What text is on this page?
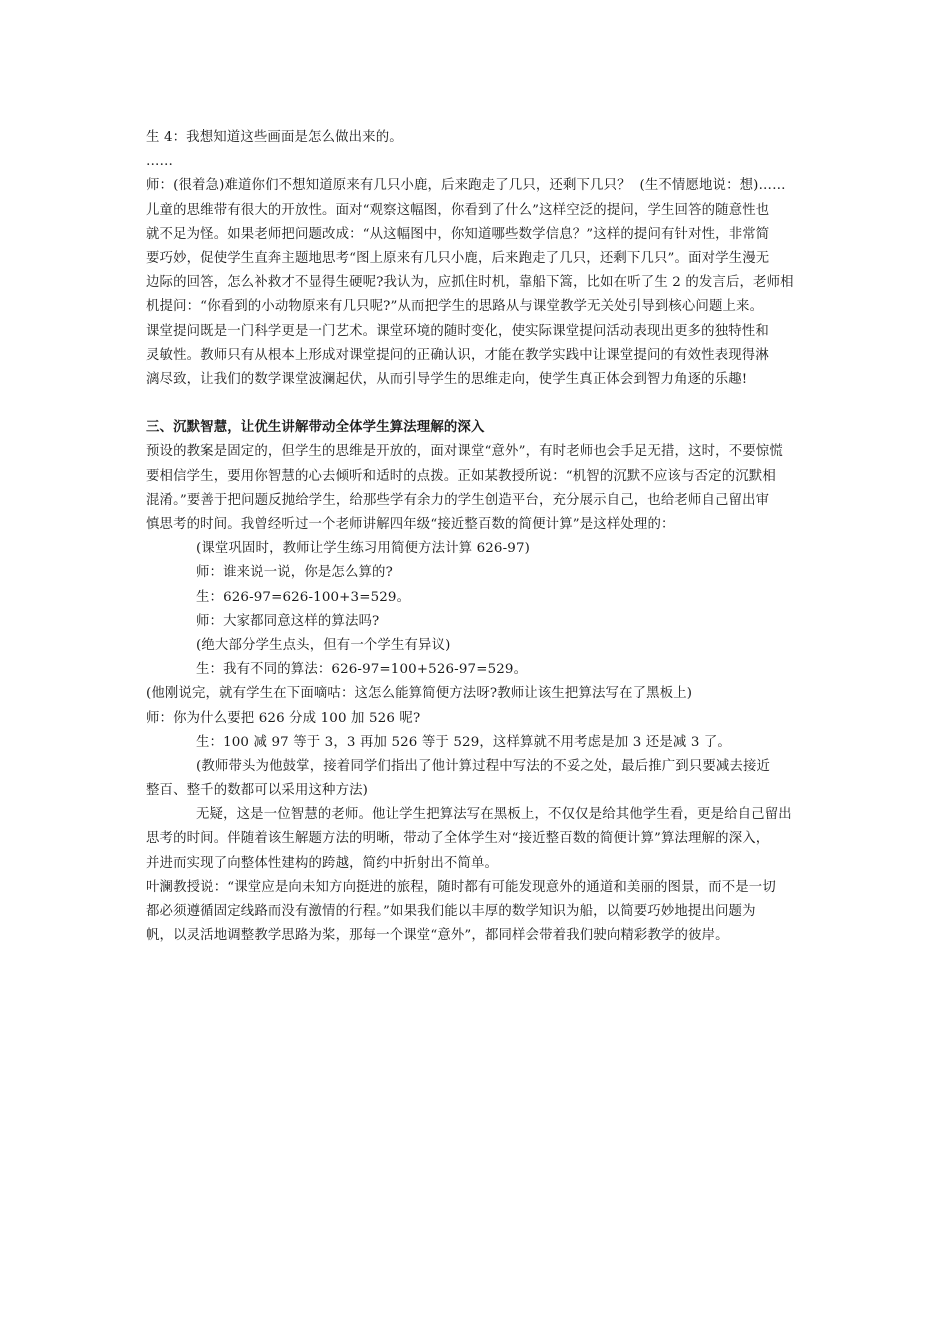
生 4：我想知道这些画面是怎么做出来的。
……
师：(很着急)难道你们不想知道原来有几只小鹿，后来跑走了几只，还剩下几只？  (生不情愿地说：想)……
儿童的思维带有很大的开放性。面对“观察这幅图，你看到了什么”这样空泛的提问，学生回答的随意性也
就不足为怪。如果老师把问题改成：“从这幅图中，你知道哪些数学信息？”这样的提问有针对性，非常简
要巧妙，促使学生直奔主题地思考“图上原来有几只小鹿，后来跑走了几只，还剩下几只”。面对学生漫无
边际的回答，怎么补救才不显得生硬呢?我认为，应抓住时机，靠船下篙，比如在听了生 2 的发言后，老师相
机提问：“你看到的小动物原来有几只呢?”从而把学生的思路从与课堂教学无关处引导到核心问题上来。
课堂提问既是一门科学更是一门艺术。课堂环境的随时变化，使实际课堂提问活动表现出更多的独特性和
灵敏性。教师只有从根本上形成对课堂提问的正确认识，才能在教学实践中让课堂提问的有效性表现得淋
漓尽致，让我们的数学课堂波澜起伏，从而引导学生的思维走向，使学生真正体会到智力角逐的乐趣!
三、沉默智慧，让优生讲解带动全体学生算法理解的深入
预设的教案是固定的，但学生的思维是开放的，面对课堂“意外”，有时老师也会手足无措，这时，不要惊慌
要相信学生，要用你智慧的心去倾听和适时的点拨。正如某教授所说：“机智的沉默不应该与否定的沉默相
混淆。”要善于把问题反抛给学生，给那些学有余力的学生创造平台，充分展示自己，也给老师自己留出审
慎思考的时间。我曾经听过一个老师讲解四年级“接近整百数的简便计算”是这样处理的：
(课堂巩固时，教师让学生练习用简便方法计算 626-97)
师：谁来说一说，你是怎么算的?
生：626-97=626-100+3=529。
师：大家都同意这样的算法吗?
(绝大部分学生点头，但有一个学生有异议)
生：我有不同的算法：626-97=100+526-97=529。
(他刚说完，就有学生在下面嘀咕：这怎么能算简便方法呀?教师让该生把算法写在了黑板上)
师：你为什么要把 626 分成 100 加 526 呢?
生：100 减 97 等于 3，3 再加 526 等于 529，这样算就不用考虑是加 3 还是减 3 了。
(教师带头为他鼓掌，接着同学们指出了他计算过程中写法的不妥之处，最后推广到只要减去接近
整百、整千的数都可以采用这种方法)
无疑，这是一位智慧的老师。他让学生把算法写在黑板上，不仅仅是给其他学生看，更是给自己留出
思考的时间。伴随着该生解题方法的明晰，带动了全体学生对“接近整百数的简便计算”算法理解的深入，
并进而实现了向整体性建构的跨越，简约中折射出不简单。
叶澜教授说：“课堂应是向未知方向挺进的旅程，随时都有可能发现意外的通道和美丽的图景，而不是一切
都必须遵循固定线路而没有激情的行程。”如果我们能以丰厚的数学知识为船，以简要巧妙地提出问题为
帆，以灵活地调整教学思路为桨，那每一个课堂“意外”，都同样会带着我们驶向精彩教学的彼岸。
